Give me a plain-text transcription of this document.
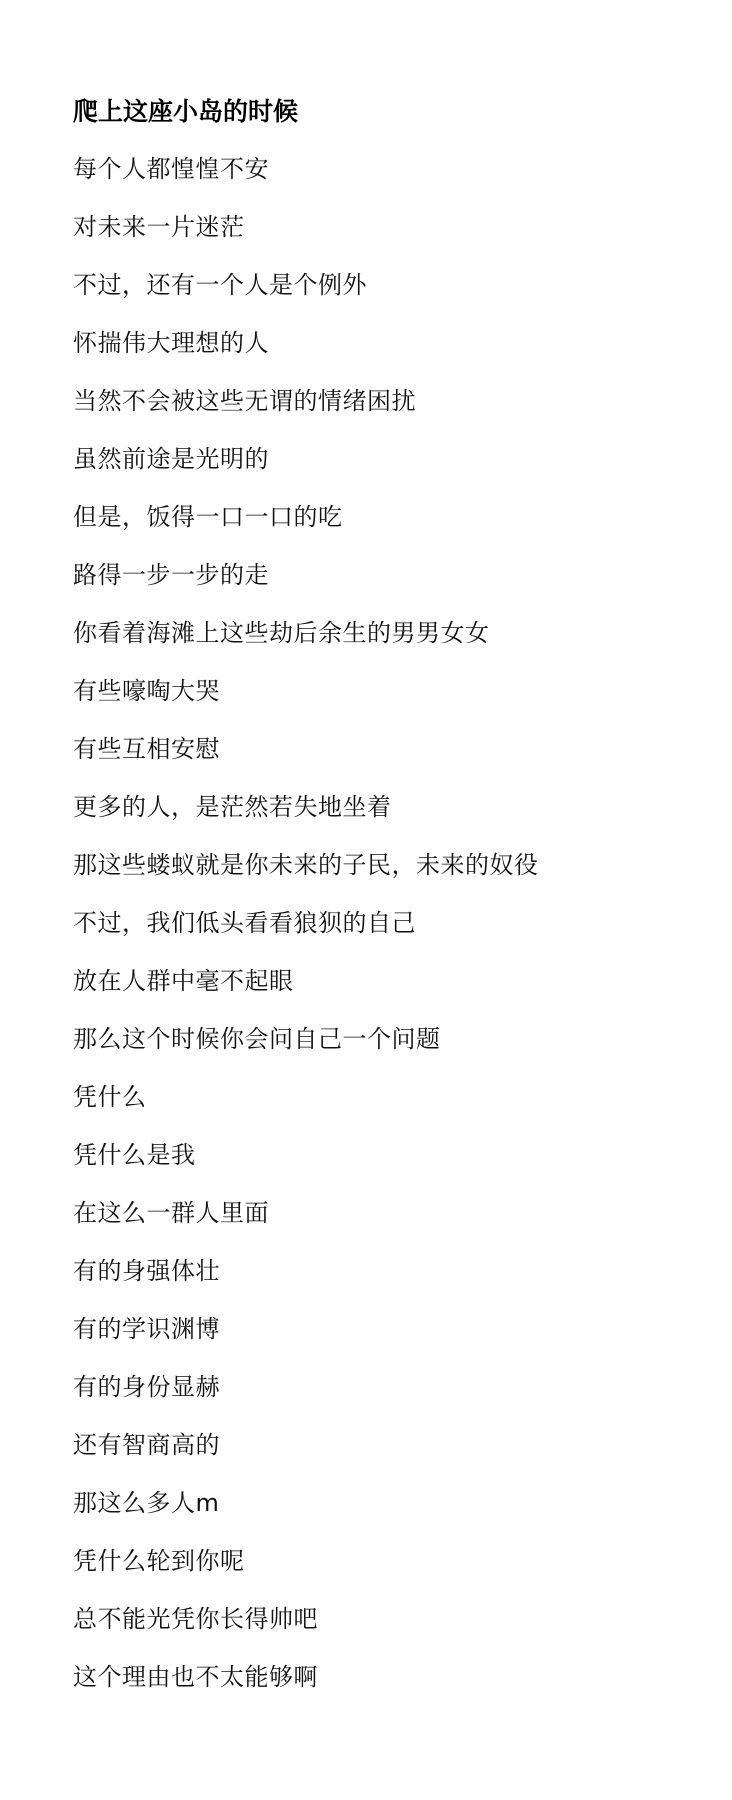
爬上这座小岛的时候
每个人都惶惶不安
对未来一片迷茫
不过，还有一个人是个例外
怀揣伟大理想的人
当然不会被这些无谓的情绪困扰
虽然前途是光明的
但是，饭得一口一口的吃
路得一步一步的走
你看着海滩上这些劫后余生的男男女女
有些嚎啕大哭
有些互相安慰
更多的人，是茫然若失地坐着
那这些蝼蚁就是你未来的子民，未来的奴役
不过，我们低头看看狼狈的自己
放在人群中毫不起眼
那么这个时候你会问自己一个问题
凭什么
凭什么是我
在这么一群人里面
有的身强体壮
有的学识渊博
有的身份显赫
还有智商高的
那这么多人m
凭什么轮到你呢
总不能光凭你长得帅吧
这个理由也不太能够啊
